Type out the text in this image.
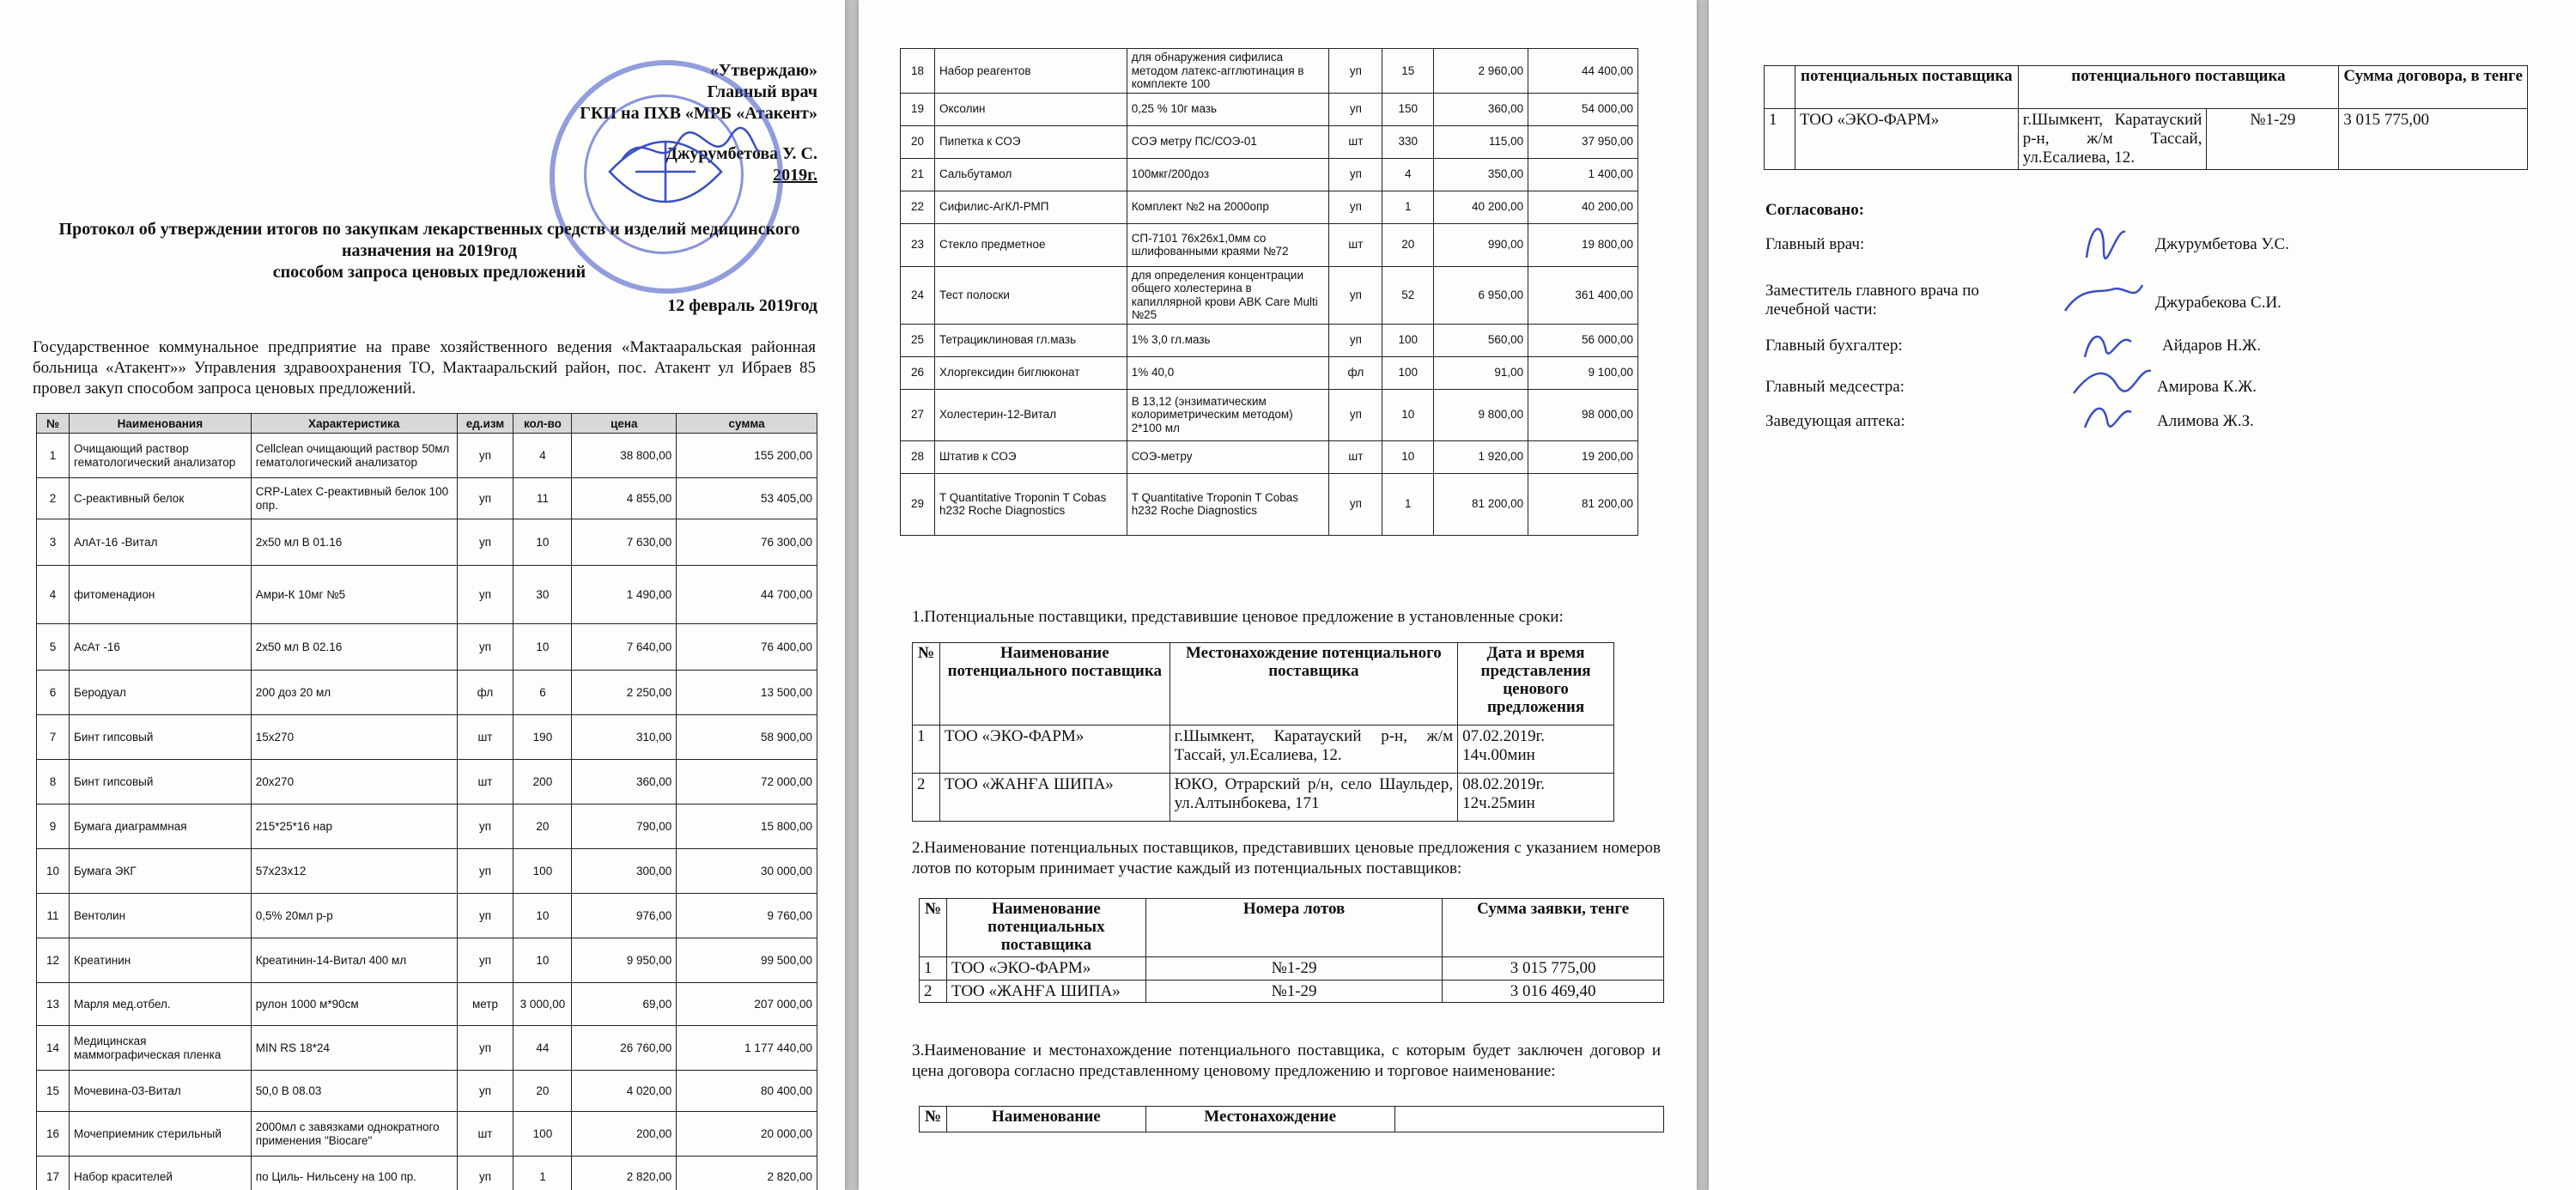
«Утверждаю»
Главный врач
ГКП на ПХВ «МРБ «Атакент»
Джурумбетова У. С.
2019г.
Протокол об утверждении итогов по закупкам лекарственных средств и изделий медицинского
назначения на 2019год
способом запроса ценовых предложений
12 февраль 2019год

Государственное коммунальное предприятие на праве хозяйственного ведения «Мактааральская районная больница «Атакент»» Управления здравоохранения ТО, Мактааральский район, пос. Атакент ул Ибраев 85 провел закуп способом запроса ценовых предложений.

№	Наименования	Характеристика	ед.изм	кол-во	цена	сумма
1	Очищающий раствор гематологический анализатор	Cellclean очищающий раствор 50мл гематологический анализатор	уп	4	38 800,00	155 200,00
2	С-реактивный белок	CRP-Latex С-реактивный белок 100 опр.	уп	11	4 855,00	53 405,00
3	АлАт-16 -Витал	2х50 мл В 01.16	уп	10	7 630,00	76 300,00
4	фитоменадион	Амри-К 10мг №5	уп	30	1 490,00	44 700,00
5	АсАт -16	2х50 мл В 02.16	уп	10	7 640,00	76 400,00
6	Беродуал	200 доз 20 мл	фл	6	2 250,00	13 500,00
7	Бинт гипсовый	15х270	шт	190	310,00	58 900,00
8	Бинт гипсовый	20х270	шт	200	360,00	72 000,00
9	Бумага диаграммная	215*25*16 нар	уп	20	790,00	15 800,00
10	Бумага ЭКГ	57х23х12	уп	100	300,00	30 000,00
11	Вентолин	0,5% 20мл р-р	уп	10	976,00	9 760,00
12	Креатинин	Креатинин-14-Витал 400 мл	уп	10	9 950,00	99 500,00
13	Марля мед.отбел.	рулон 1000 м*90см	метр	3 000,00	69,00	207 000,00
14	Медицинская маммографическая пленка	MIN RS 18*24	уп	44	26 760,00	1 177 440,00
15	Мочевина-03-Витал	50,0 В 08.03	уп	20	4 020,00	80 400,00
16	Мочеприемник стерильный	2000мл с завязками однократного применения "Biocare"	шт	100	200,00	20 000,00
17	Набор красителей	по Циль- Нильсену на 100 пр.	уп	1	2 820,00	2 820,00
18	Набор реагентов	для обнаружения сифилиса методом латекс-агглютинация в комплекте 100	уп	15	2 960,00	44 400,00
19	Оксолин	0,25 % 10г мазь	уп	150	360,00	54 000,00
20	Пипетка к СОЭ	СОЭ метру ПС/СОЭ-01	шт	330	115,00	37 950,00
21	Сальбутамол	100мкг/200доз	уп	4	350,00	1 400,00
22	Сифилис-АгКЛ-РМП	Комплект №2 на 2000опр	уп	1	40 200,00	40 200,00
23	Стекло предметное	СП-7101 76х26х1,0мм со шлифованными краями №72	шт	20	990,00	19 800,00
24	Тест полоски	для определения концентрации общего холестерина в капиллярной крови ABK Care Multi №25	уп	52	6 950,00	361 400,00
25	Тетрациклиновая гл.мазь	1% 3,0 гл.мазь	уп	100	560,00	56 000,00
26	Хлоргексидин биглюконат	1% 40,0	фл	100	91,00	9 100,00
27	Холестерин-12-Витал	В 13,12 (энзиматическим колориметрическим методом) 2*100 мл	уп	10	9 800,00	98 000,00
28	Штатив к СОЭ	СОЭ-метру	шт	10	1 920,00	19 200,00
29	T Quantitative Troponin T Cobas h232 Roche Diagnostics	T Quantitative Troponin T Cobas h232 Roche Diagnostics	уп	1	81 200,00	81 200,00
1.Потенциальные поставщики, представившие ценовое предложение в установленные сроки:
№	Наименование потенциального поставщика	Местонахождение потенциального поставщика	Дата и время представления ценового предложения
1	ТОО «ЭКО-ФАРМ»	г.Шымкент, Каратауский р-н, ж/м Тассай, ул.Есалиева, 12.	07.02.2019г. 14ч.00мин
2	ТОО «ЖАНҒА ШИПА»	ЮКО, Отрарский р/н, село Шаульдер, ул.Алтынбокева, 171	08.02.2019г. 12ч.25мин

2.Наименование потенциальных поставщиков, представивших ценовые предложения с указанием номеров лотов по которым принимает участие каждый из потенциальных поставщиков:

№	Наименование потенциальных поставщика	Номера лотов	Сумма заявки, тенге
1	ТОО «ЭКО-ФАРМ»	№1-29	3 015 775,00
2	ТОО «ЖАНҒА ШИПА»	№1-29	3 016 469,40

3.Наименование и местонахождение потенциального поставщика, с которым будет заключен договор и цена договора согласно представленному ценовому предложению и торговое наименование:

№	Наименование	Местонахождение	
	потенциальных поставщика	потенциального поставщика		Сумма договора, в тенге
1	ТОО «ЭКО-ФАРМ»	г.Шымкент, Каратауский р-н, ж/м Тассай, ул.Есалиева, 12.	№1-29	3 015 775,00
Согласовано:
Главный врач:	Джурумбетова У.С.
Заместитель главного врача по лечебной части:	Джурабекова С.И.
Главный бухгалтер:	Айдаров Н.Ж.
Главный медсестра:	Амирова К.Ж.
Заведующая аптека:	Алимова Ж.З.
